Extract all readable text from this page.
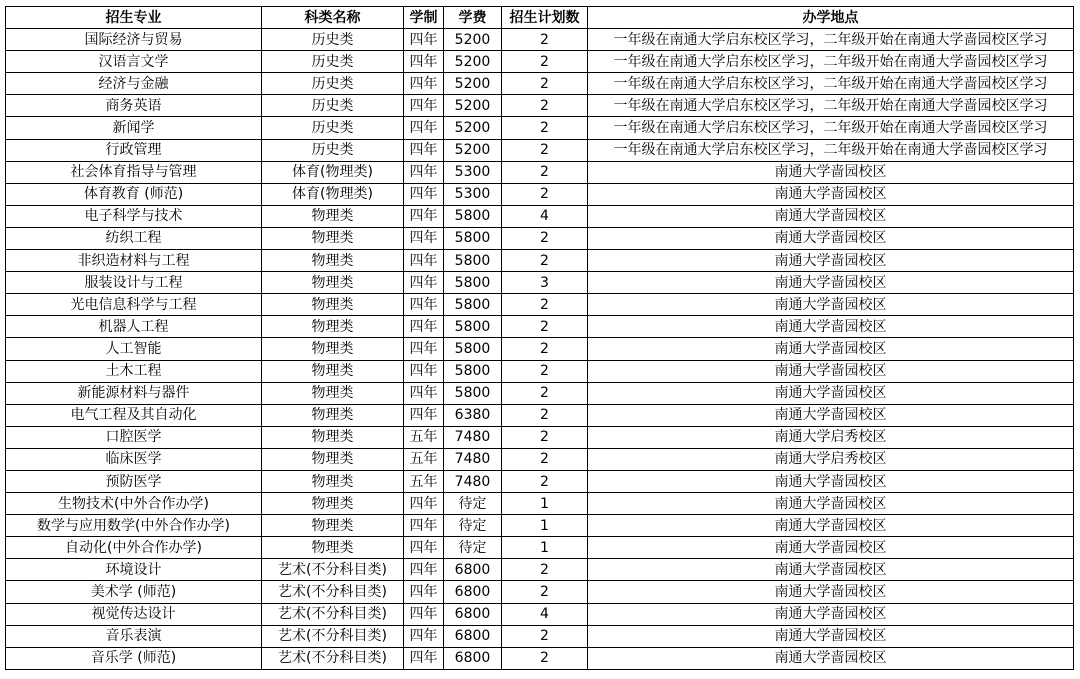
招生专业	科类名称	学制	学费	招生计划数	办学地点
国际经济与贸易	历史类	四年	5200	2	一年级在南通大学启东校区学习，二年级开始在南通大学啬园校区学习
汉语言文学	历史类	四年	5200	2	一年级在南通大学启东校区学习，二年级开始在南通大学啬园校区学习
经济与金融	历史类	四年	5200	2	一年级在南通大学启东校区学习，二年级开始在南通大学啬园校区学习
商务英语	历史类	四年	5200	2	一年级在南通大学启东校区学习，二年级开始在南通大学啬园校区学习
新闻学	历史类	四年	5200	2	一年级在南通大学启东校区学习，二年级开始在南通大学啬园校区学习
行政管理	历史类	四年	5200	2	一年级在南通大学启东校区学习，二年级开始在南通大学啬园校区学习
社会体育指导与管理	体育(物理类)	四年	5300	2	南通大学啬园校区
体育教育 (师范)	体育(物理类)	四年	5300	2	南通大学啬园校区
电子科学与技术	物理类	四年	5800	4	南通大学啬园校区
纺织工程	物理类	四年	5800	2	南通大学啬园校区
非织造材料与工程	物理类	四年	5800	2	南通大学啬园校区
服装设计与工程	物理类	四年	5800	3	南通大学啬园校区
光电信息科学与工程	物理类	四年	5800	2	南通大学啬园校区
机器人工程	物理类	四年	5800	2	南通大学啬园校区
人工智能	物理类	四年	5800	2	南通大学啬园校区
土木工程	物理类	四年	5800	2	南通大学啬园校区
新能源材料与器件	物理类	四年	5800	2	南通大学啬园校区
电气工程及其自动化	物理类	四年	6380	2	南通大学啬园校区
口腔医学	物理类	五年	7480	2	南通大学启秀校区
临床医学	物理类	五年	7480	2	南通大学启秀校区
预防医学	物理类	五年	7480	2	南通大学啬园校区
生物技术(中外合作办学)	物理类	四年	待定	1	南通大学啬园校区
数学与应用数学(中外合作办学)	物理类	四年	待定	1	南通大学啬园校区
自动化(中外合作办学)	物理类	四年	待定	1	南通大学啬园校区
环境设计	艺术(不分科目类)	四年	6800	2	南通大学啬园校区
美术学 (师范)	艺术(不分科目类)	四年	6800	2	南通大学啬园校区
视觉传达设计	艺术(不分科目类)	四年	6800	4	南通大学啬园校区
音乐表演	艺术(不分科目类)	四年	6800	2	南通大学啬园校区
音乐学 (师范)	艺术(不分科目类)	四年	6800	2	南通大学啬园校区
